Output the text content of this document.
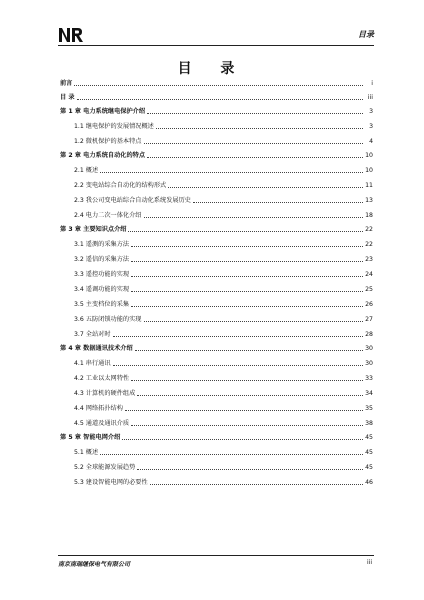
目录
目 录
前言	i
目 录	iii
第 1 章 电力系统继电保护介绍	3
1.1 继电保护的发展情况概述	3
1.2 微机保护的基本特点	4
第 2 章 电力系统自动化的特点	10
2.1 概述	10
2.2 变电站综合自动化的结构形式	11
2.3 我公司变电站综合自动化系统发展历史	13
2.4 电力二次一体化介绍	18
第 3 章 主要知识点介绍	22
3.1 遥测的采集方法	22
3.2 遥信的采集方法	23
3.3 遥控功能的实现	24
3.4 遥调功能的实现	25
3.5 主变档位的采集	26
3.6 五防闭锁功能的实现	27
3.7 全站对时	28
第 4 章 数据通讯技术介绍	30
4.1 串行通讯	30
4.2 工业以太网特性	33
4.3 计算机的硬件组成	34
4.4 网络拓扑结构	35
4.5 通道及通讯介质	38
第 5 章 智能电网介绍	45
5.1 概述	45
5.2 全球能源发展趋势	45
5.3 建设智能电网的必要性	46
南京南瑞继保电气有限公司	iii
